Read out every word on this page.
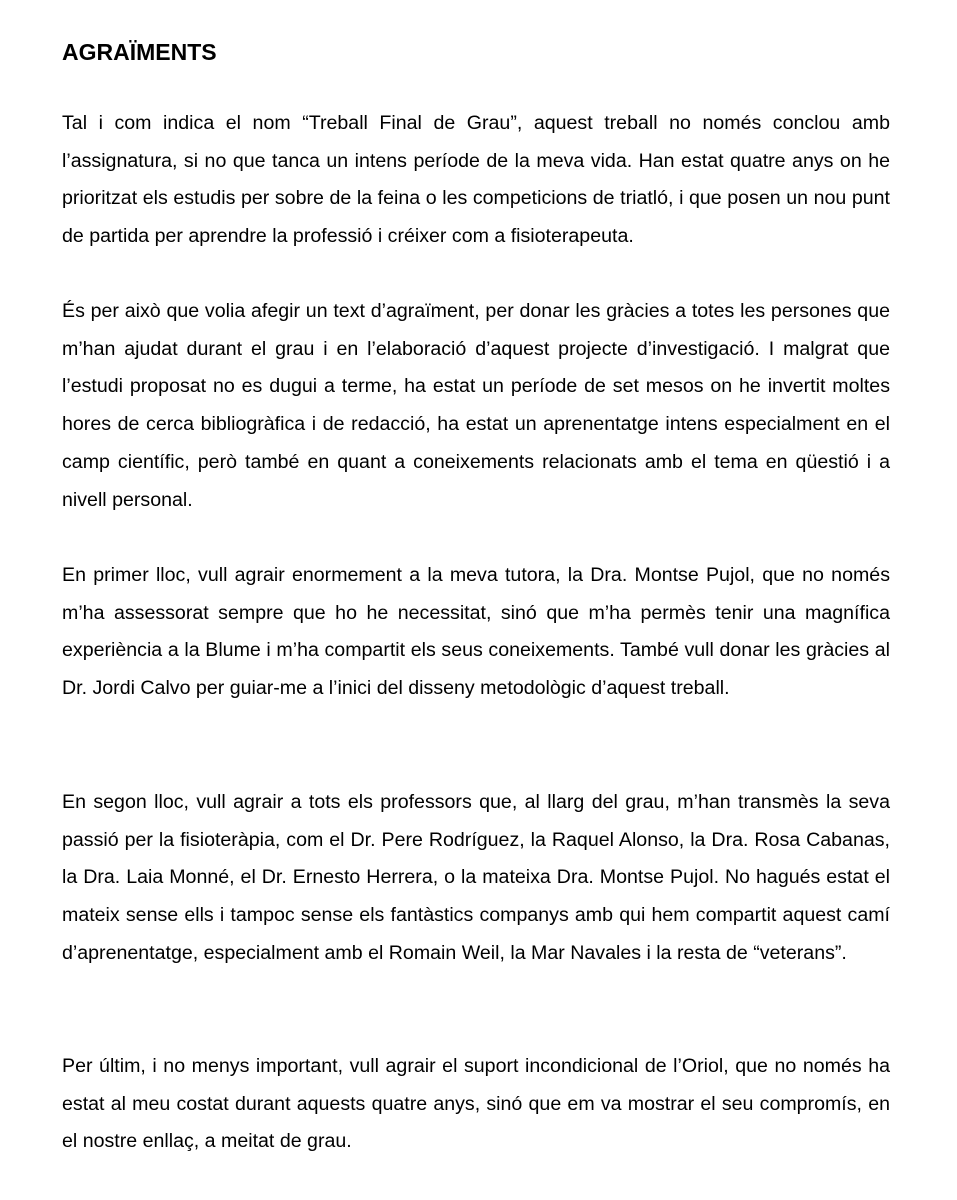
AGRAÏMENTS

Tal i com indica el nom “Treball Final de Grau”, aquest treball no només conclou amb l’assignatura, si no que tanca un intens període de la meva vida. Han estat quatre anys on he prioritzat els estudis per sobre de la feina o les competicions de triatló, i que posen un nou punt de partida per aprendre la professió i créixer com a fisioterapeuta.

És per això que volia afegir un text d’agraïment, per donar les gràcies a totes les persones que m’han ajudat durant el grau i en l’elaboració d’aquest projecte d’investigació. I malgrat que l’estudi proposat no es dugui a terme, ha estat un període de set mesos on he invertit moltes hores de cerca bibliogràfica i de redacció, ha estat un aprenentatge intens especialment en el camp científic, però també en quant a coneixements relacionats amb el tema en qüestió i a nivell personal.

En primer lloc, vull agrair enormement a la meva tutora, la Dra. Montse Pujol, que no només m’ha assessorat sempre que ho he necessitat, sinó que m’ha permès tenir una magnífica experiència a la Blume i m’ha compartit els seus coneixements. També vull donar les gràcies al Dr. Jordi Calvo per guiar-me a l’inici del disseny metodològic d’aquest treball.

En segon lloc, vull agrair a tots els professors que, al llarg del grau, m’han transmès la seva passió per la fisioteràpia, com el Dr. Pere Rodríguez, la Raquel Alonso, la Dra. Rosa Cabanas, la Dra. Laia Monné, el Dr. Ernesto Herrera, o la mateixa Dra. Montse Pujol. No hagués estat el mateix sense ells i tampoc sense els fantàstics companys amb qui hem compartit aquest camí d’aprenentatge, especialment amb el Romain Weil, la Mar Navales i la resta de “veterans”.

Per últim, i no menys important, vull agrair el suport incondicional de l’Oriol, que no només ha estat al meu costat durant aquests quatre anys, sinó que em va mostrar el seu compromís, en el nostre enllaç, a meitat de grau.
